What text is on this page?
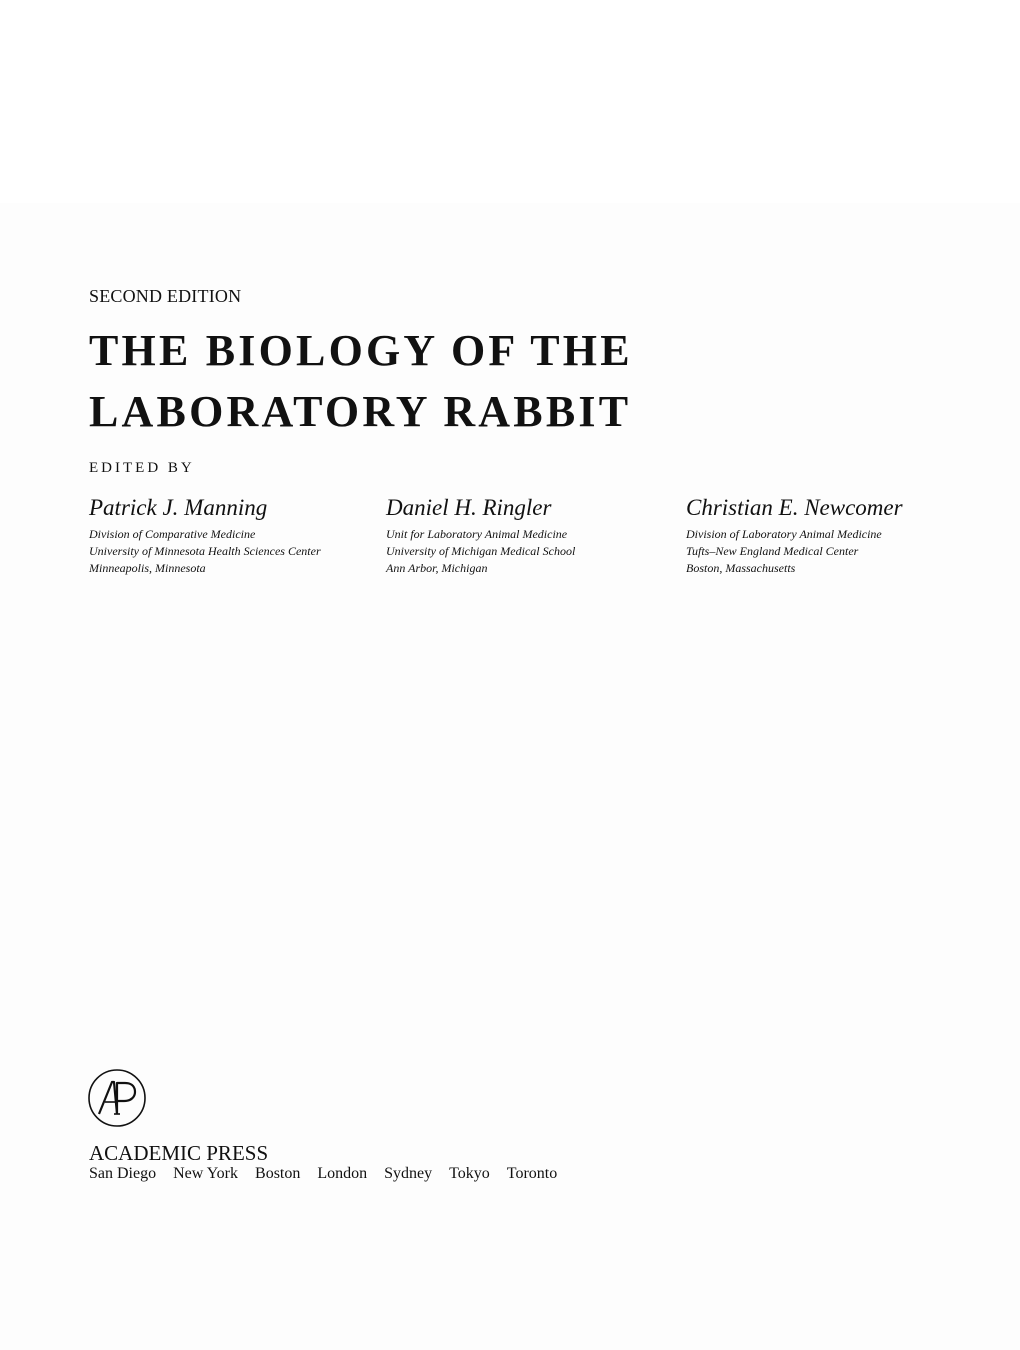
SECOND EDITION
THE BIOLOGY OF THE
LABORATORY RABBIT
EDITED BY
Patrick J. Manning
Division of Comparative Medicine
University of Minnesota Health Sciences Center
Minneapolis, Minnesota
Daniel H. Ringler
Unit for Laboratory Animal Medicine
University of Michigan Medical School
Ann Arbor, Michigan
Christian E. Newcomer
Division of Laboratory Animal Medicine
Tufts–New England Medical Center
Boston, Massachusetts
ACADEMIC PRESS
San Diego New York Boston London Sydney Tokyo Toronto
